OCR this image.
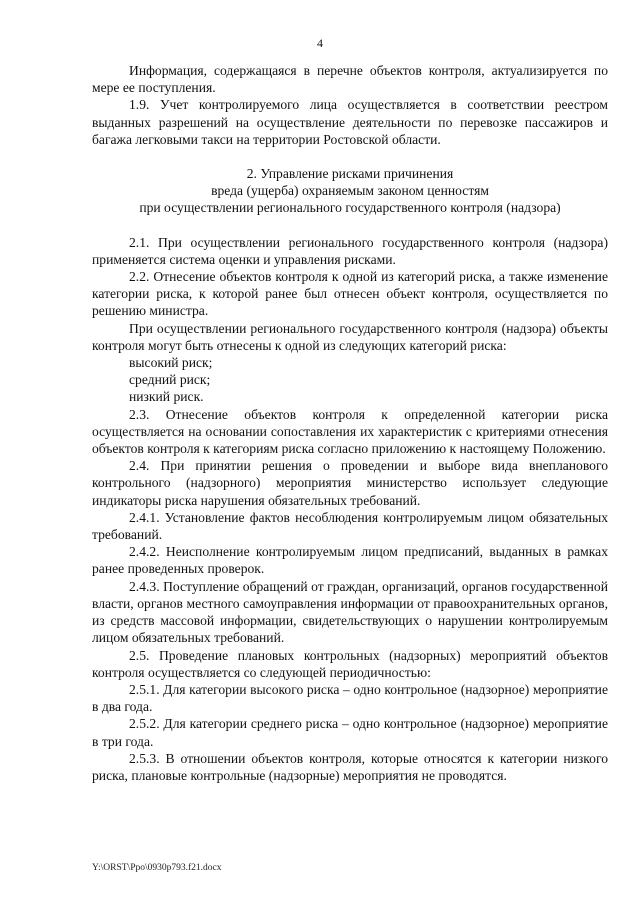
4

Информация, содержащаяся в перечне объектов контроля, актуализируется по мере ее поступления.

1.9. Учет контролируемого лица осуществляется в соответствии реестром выданных разрешений на осуществление деятельности по перевозке пассажиров и багажа легковыми такси на территории Ростовской области.

2. Управление рисками причинения
вреда (ущерба) охраняемым законом ценностям
при осуществлении регионального государственного контроля (надзора)

2.1. При осуществлении регионального государственного контроля (надзора) применяется система оценки и управления рисками.

2.2. Отнесение объектов контроля к одной из категорий риска, а также изменение категории риска, к которой ранее был отнесен объект контроля, осуществляется по решению министра.

При осуществлении регионального государственного контроля (надзора) объекты контроля могут быть отнесены к одной из следующих категорий риска:

высокий риск;

средний риск;

низкий риск.

2.3. Отнесение объектов контроля к определенной категории риска осуществляется на основании сопоставления их характеристик с критериями отнесения объектов контроля к категориям риска согласно приложению к настоящему Положению.

2.4. При принятии решения о проведении и выборе вида внепланового контрольного (надзорного) мероприятия министерство использует следующие индикаторы риска нарушения обязательных требований.

2.4.1. Установление фактов несоблюдения контролируемым лицом обязательных требований.

2.4.2. Неисполнение контролируемым лицом предписаний, выданных в рамках ранее проведенных проверок.

2.4.3. Поступление обращений от граждан, организаций, органов государственной власти, органов местного самоуправления информации от правоохранительных органов, из средств массовой информации, свидетельствующих о нарушении контролируемым лицом обязательных требований.

2.5. Проведение плановых контрольных (надзорных) мероприятий объектов контроля осуществляется со следующей периодичностью:

2.5.1. Для категории высокого риска – одно контрольное (надзорное) мероприятие в два года.

2.5.2. Для категории среднего риска – одно контрольное (надзорное) мероприятие в три года.

2.5.3. В отношении объектов контроля, которые относятся к категории низкого риска, плановые контрольные (надзорные) мероприятия не проводятся.

Y:\ORST\Ppo\0930p793.f21.docx
